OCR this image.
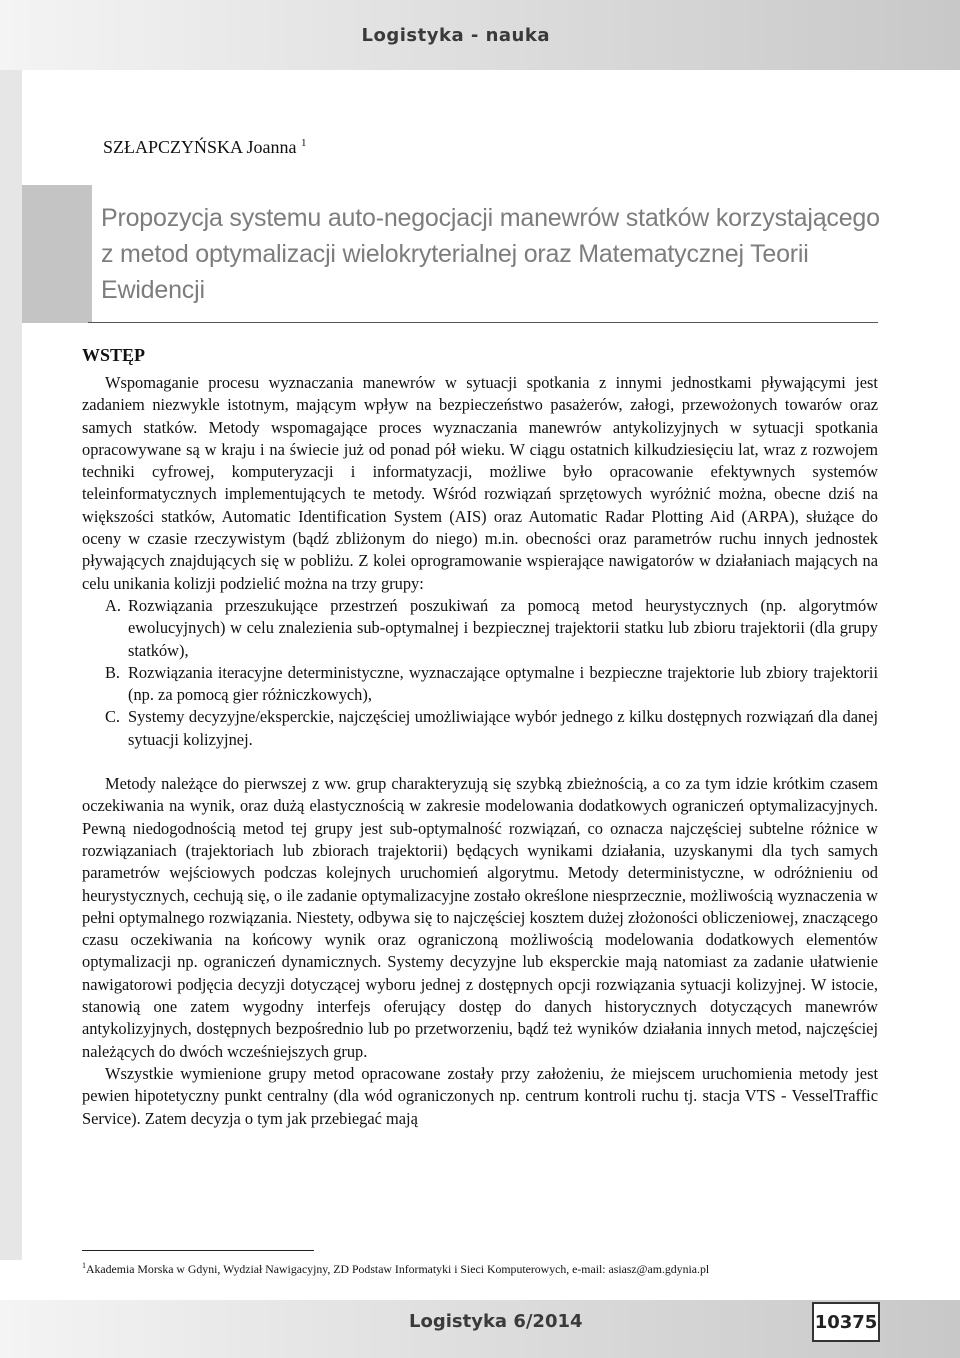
Logistyka - nauka
SZŁAPCZYŃSKA Joanna $^1$
Propozycja systemu auto-negocjacji manewrów statków korzystającego
z metod optymalizacji wielokryterialnej oraz Matematycznej Teorii
Ewidencji
WSTĘP

Wspomaganie procesu wyznaczania manewrów w sytuacji spotkania z innymi jednostkami pływającymi jest zadaniem niezwykle istotnym, mającym wpływ na bezpieczeństwo pasażerów, załogi, przewożonych towarów oraz samych statków. Metody wspomagające proces wyznaczania manewrów antykolizyjnych w sytuacji spotkania opracowywane są w kraju i na świecie już od ponad pół wieku. W ciągu ostatnich kilkudziesięciu lat, wraz z rozwojem techniki cyfrowej, komputeryzacji i informatyzacji, możliwe było opracowanie efektywnych systemów teleinformatycznych implementujących te metody. Wśród rozwiązań sprzętowych wyróżnić można, obecne dziś na większości statków, Automatic Identification System (AIS) oraz Automatic Radar Plotting Aid (ARPA), służące do oceny w czasie rzeczywistym (bądź zbliżonym do niego) m.in. obecności oraz parametrów ruchu innych jednostek pływających znajdujących się w pobliżu. Z kolei oprogramowanie wspierające nawigatorów w działaniach mających na celu unikania kolizji podzielić można na trzy grupy:

A. Rozwiązania przeszukujące przestrzeń poszukiwań za pomocą metod heurystycznych (np. algorytmów ewolucyjnych) w celu znalezienia sub-optymalnej i bezpiecznej trajektorii statku lub zbioru trajektorii (dla grupy statków),
B. Rozwiązania iteracyjne deterministyczne, wyznaczające optymalne i bezpieczne trajektorie lub zbiory trajektorii (np. za pomocą gier różniczkowych),
C. Systemy decyzyjne/eksperckie, najczęściej umożliwiające wybór jednego z kilku dostępnych rozwiązań dla danej sytuacji kolizyjnej.

Metody należące do pierwszej z ww. grup charakteryzują się szybką zbieżnością, a co za tym idzie krótkim czasem oczekiwania na wynik, oraz dużą elastycznością w zakresie modelowania dodatkowych ograniczeń optymalizacyjnych. Pewną niedogodnością metod tej grupy jest sub-optymalność rozwiązań, co oznacza najczęściej subtelne różnice w rozwiązaniach (trajektoriach lub zbiorach trajektorii) będących wynikami działania, uzyskanymi dla tych samych parametrów wejściowych podczas kolejnych uruchomień algorytmu. Metody deterministyczne, w odróżnieniu od heurystycznych, cechują się, o ile zadanie optymalizacyjne zostało określone niesprzecznie, możliwością wyznaczenia w pełni optymalnego rozwiązania. Niestety, odbywa się to najczęściej kosztem dużej złożoności obliczeniowej, znaczącego czasu oczekiwania na końcowy wynik oraz ograniczoną możliwością modelowania dodatkowych elementów optymalizacji np. ograniczeń dynamicznych. Systemy decyzyjne lub eksperckie mają natomiast za zadanie ułatwienie nawigatorowi podjęcia decyzji dotyczącej wyboru jednej z dostępnych opcji rozwiązania sytuacji kolizyjnej. W istocie, stanowią one zatem wygodny interfejs oferujący dostęp do danych historycznych dotyczących manewrów antykolizyjnych, dostępnych bezpośrednio lub po przetworzeniu, bądź też wyników działania innych metod, najczęściej należących do dwóch wcześniejszych grup.

Wszystkie wymienione grupy metod opracowane zostały przy założeniu, że miejscem uruchomienia metody jest pewien hipotetyczny punkt centralny (dla wód ograniczonych np. centrum kontroli ruchu tj. stacja VTS - VesselTraffic Service). Zatem decyzja o tym jak przebiegać mają

$^1$Akademia Morska w Gdyni, Wydział Nawigacyjny, ZD Podstaw Informatyki i Sieci Komputerowych, e-mail: asiasz@am.gdynia.pl
Logistyka 6/2014	10375
